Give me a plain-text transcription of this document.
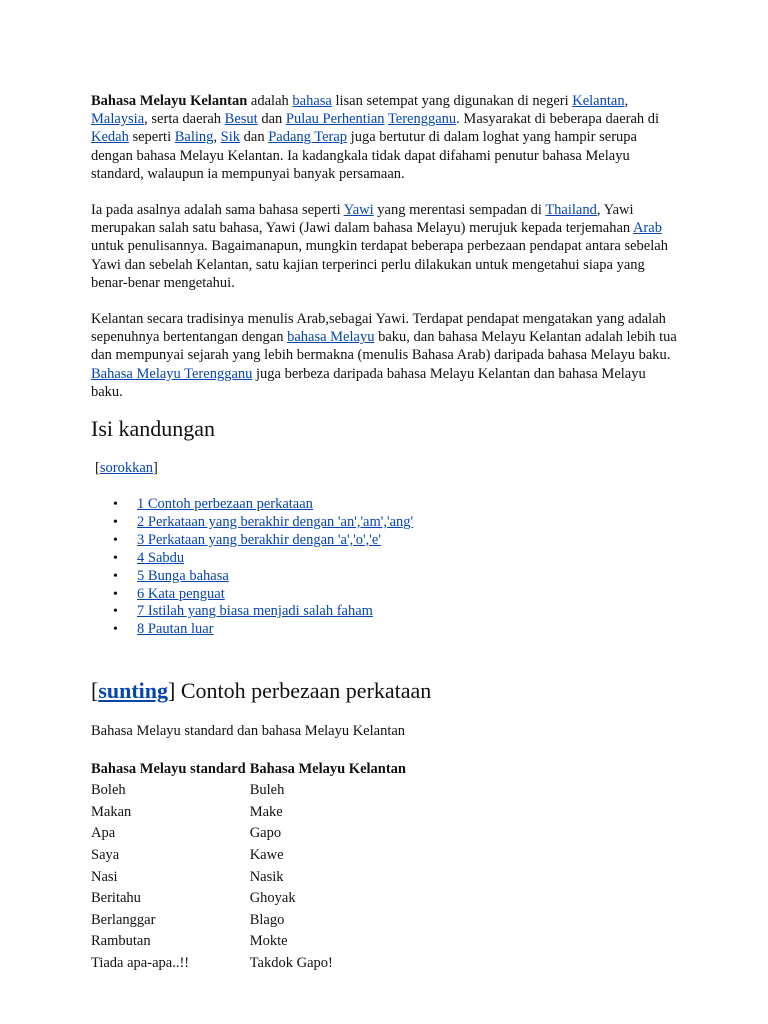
Bahasa Melayu Kelantan adalah bahasa lisan setempat yang digunakan di negeri Kelantan, Malaysia, serta daerah Besut dan Pulau Perhentian Terengganu. Masyarakat di beberapa daerah di Kedah seperti Baling, Sik dan Padang Terap juga bertutur di dalam loghat yang hampir serupa dengan bahasa Melayu Kelantan. Ia kadangkala tidak dapat difahami penutur bahasa Melayu standard, walaupun ia mempunyai banyak persamaan.

Ia pada asalnya adalah sama bahasa seperti Yawi yang merentasi sempadan di Thailand, Yawi merupakan salah satu bahasa, Yawi (Jawi dalam bahasa Melayu) merujuk kepada terjemahan Arab untuk penulisannya. Bagaimanapun, mungkin terdapat beberapa perbezaan pendapat antara sebelah Yawi dan sebelah Kelantan, satu kajian terperinci perlu dilakukan untuk mengetahui siapa yang benar-benar mengetahui.

Kelantan secara tradisinya menulis Arab,sebagai Yawi. Terdapat pendapat mengatakan yang adalah sepenuhnya bertentangan dengan bahasa Melayu baku, dan bahasa Melayu Kelantan adalah lebih tua dan mempunyai sejarah yang lebih bermakna (menulis Bahasa Arab) daripada bahasa Melayu baku. Bahasa Melayu Terengganu juga berbeza daripada bahasa Melayu Kelantan dan bahasa Melayu baku.

Isi kandungan
[sorokkan]
• 1 Contoh perbezaan perkataan
• 2 Perkataan yang berakhir dengan 'an','am','ang'
• 3 Perkataan yang berakhir dengan 'a','o','e'
• 4 Sabdu
• 5 Bunga bahasa
• 6 Kata penguat
• 7 Istilah yang biasa menjadi salah faham
• 8 Pautan luar
[sunting] Contoh perbezaan perkataan
Bahasa Melayu standard dan bahasa Melayu Kelantan
Bahasa Melayu standard	Bahasa Melayu Kelantan
Boleh	Buleh
Makan	Make
Apa	Gapo
Saya	Kawe
Nasi	Nasik
Beritahu	Ghoyak
Berlanggar	Blago
Rambutan	Mokte
Tiada apa-apa..!!	Takdok Gapo!
